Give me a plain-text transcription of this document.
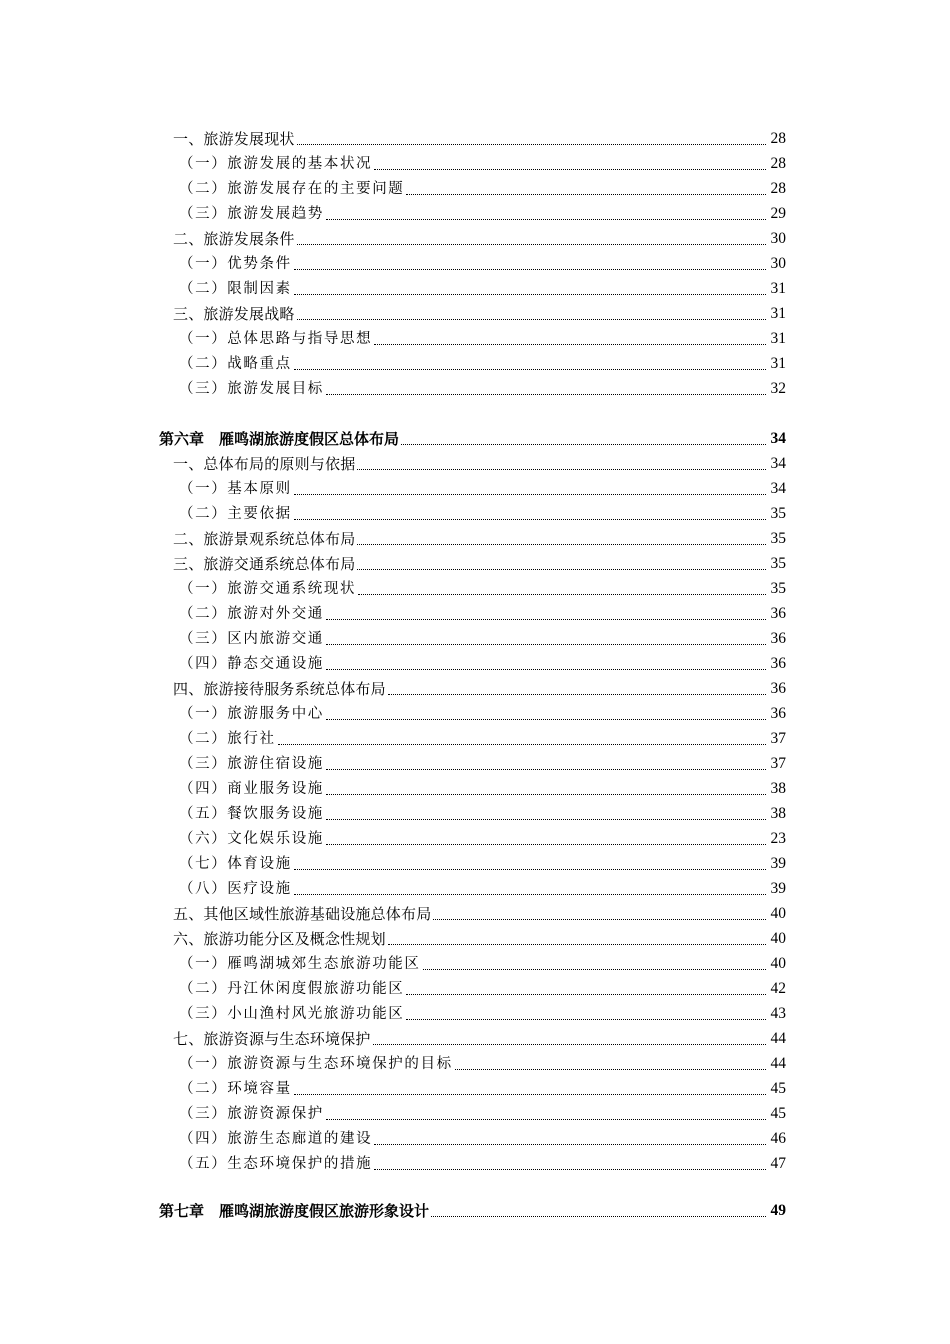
一、旅游发展现状	28
（一）旅游发展的基本状况	28
（二）旅游发展存在的主要问题	28
（三）旅游发展趋势	29
二、旅游发展条件	30
（一）优势条件	30
（二）限制因素	31
三、旅游发展战略	31
（一）总体思路与指导思想	31
（二）战略重点	31
（三）旅游发展目标	32
第六章　雁鸣湖旅游度假区总体布局	34
一、总体布局的原则与依据	34
（一）基本原则	34
（二）主要依据	35
二、旅游景观系统总体布局	35
三、旅游交通系统总体布局	35
（一）旅游交通系统现状	35
（二）旅游对外交通	36
（三）区内旅游交通	36
（四）静态交通设施	36
四、旅游接待服务系统总体布局	36
（一）旅游服务中心	36
（二）旅行社	37
（三）旅游住宿设施	37
（四）商业服务设施	38
（五）餐饮服务设施	38
（六）文化娱乐设施	23
（七）体育设施	39
（八）医疗设施	39
五、其他区域性旅游基础设施总体布局	40
六、旅游功能分区及概念性规划	40
（一）雁鸣湖城郊生态旅游功能区	40
（二）丹江休闲度假旅游功能区	42
（三）小山渔村风光旅游功能区	43
七、旅游资源与生态环境保护	44
（一）旅游资源与生态环境保护的目标	44
（二）环境容量	45
（三）旅游资源保护	45
（四）旅游生态廊道的建设	46
（五）生态环境保护的措施	47
第七章　雁鸣湖旅游度假区旅游形象设计	49
